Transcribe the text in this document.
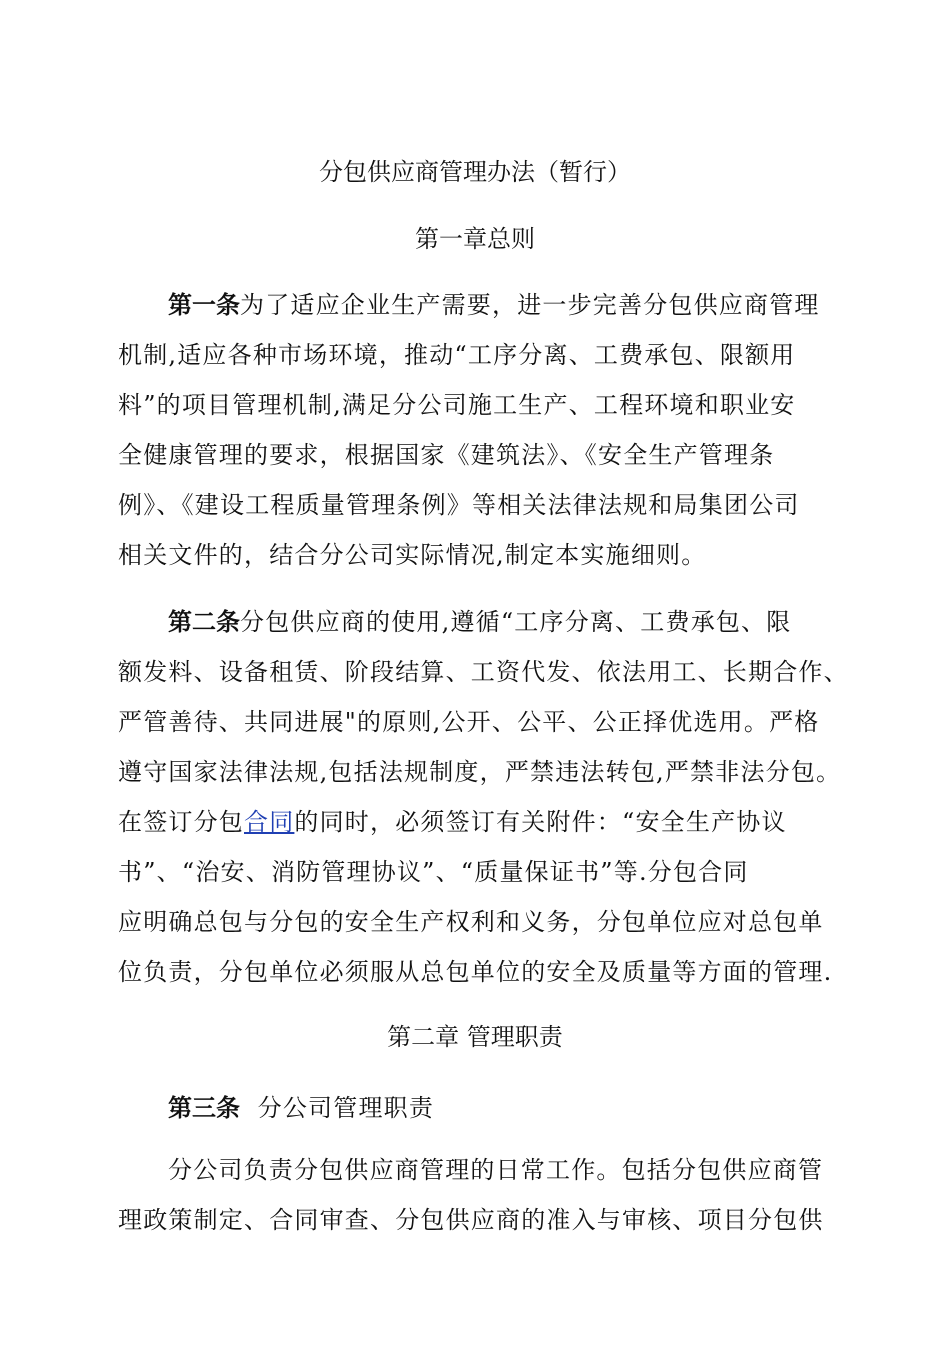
分包供应商管理办法（暂行）
第一章总则
第一条为了适应企业生产需要，进一步完善分包供应商管理
机制,适应各种市场环境，推动“工序分离、工费承包、限额用
料”的项目管理机制,满足分公司施工生产、工程环境和职业安
全健康管理的要求，根据国家《建筑法》、《安全生产管理条
例》、《建设工程质量管理条例》等相关法律法规和局集团公司
相关文件的，结合分公司实际情况,制定本实施细则。
第二条分包供应商的使用,遵循“工序分离、工费承包、限
额发料、设备租赁、阶段结算、工资代发、依法用工、长期合作、
严管善待、共同进展"的原则,公开、公平、公正择优选用。严格
遵守国家法律法规,包括法规制度，严禁违法转包,严禁非法分包。
在签订分包合同的同时，必须签订有关附件：“安全生产协议
书”、“治安、消防管理协议”、“质量保证书”等.分包合同
应明确总包与分包的安全生产权利和义务，分包单位应对总包单
位负责，分包单位必须服从总包单位的安全及质量等方面的管理.
第二章 管理职责
第三条  分公司管理职责
分公司负责分包供应商管理的日常工作。包括分包供应商管
理政策制定、合同审查、分包供应商的准入与审核、项目分包供
